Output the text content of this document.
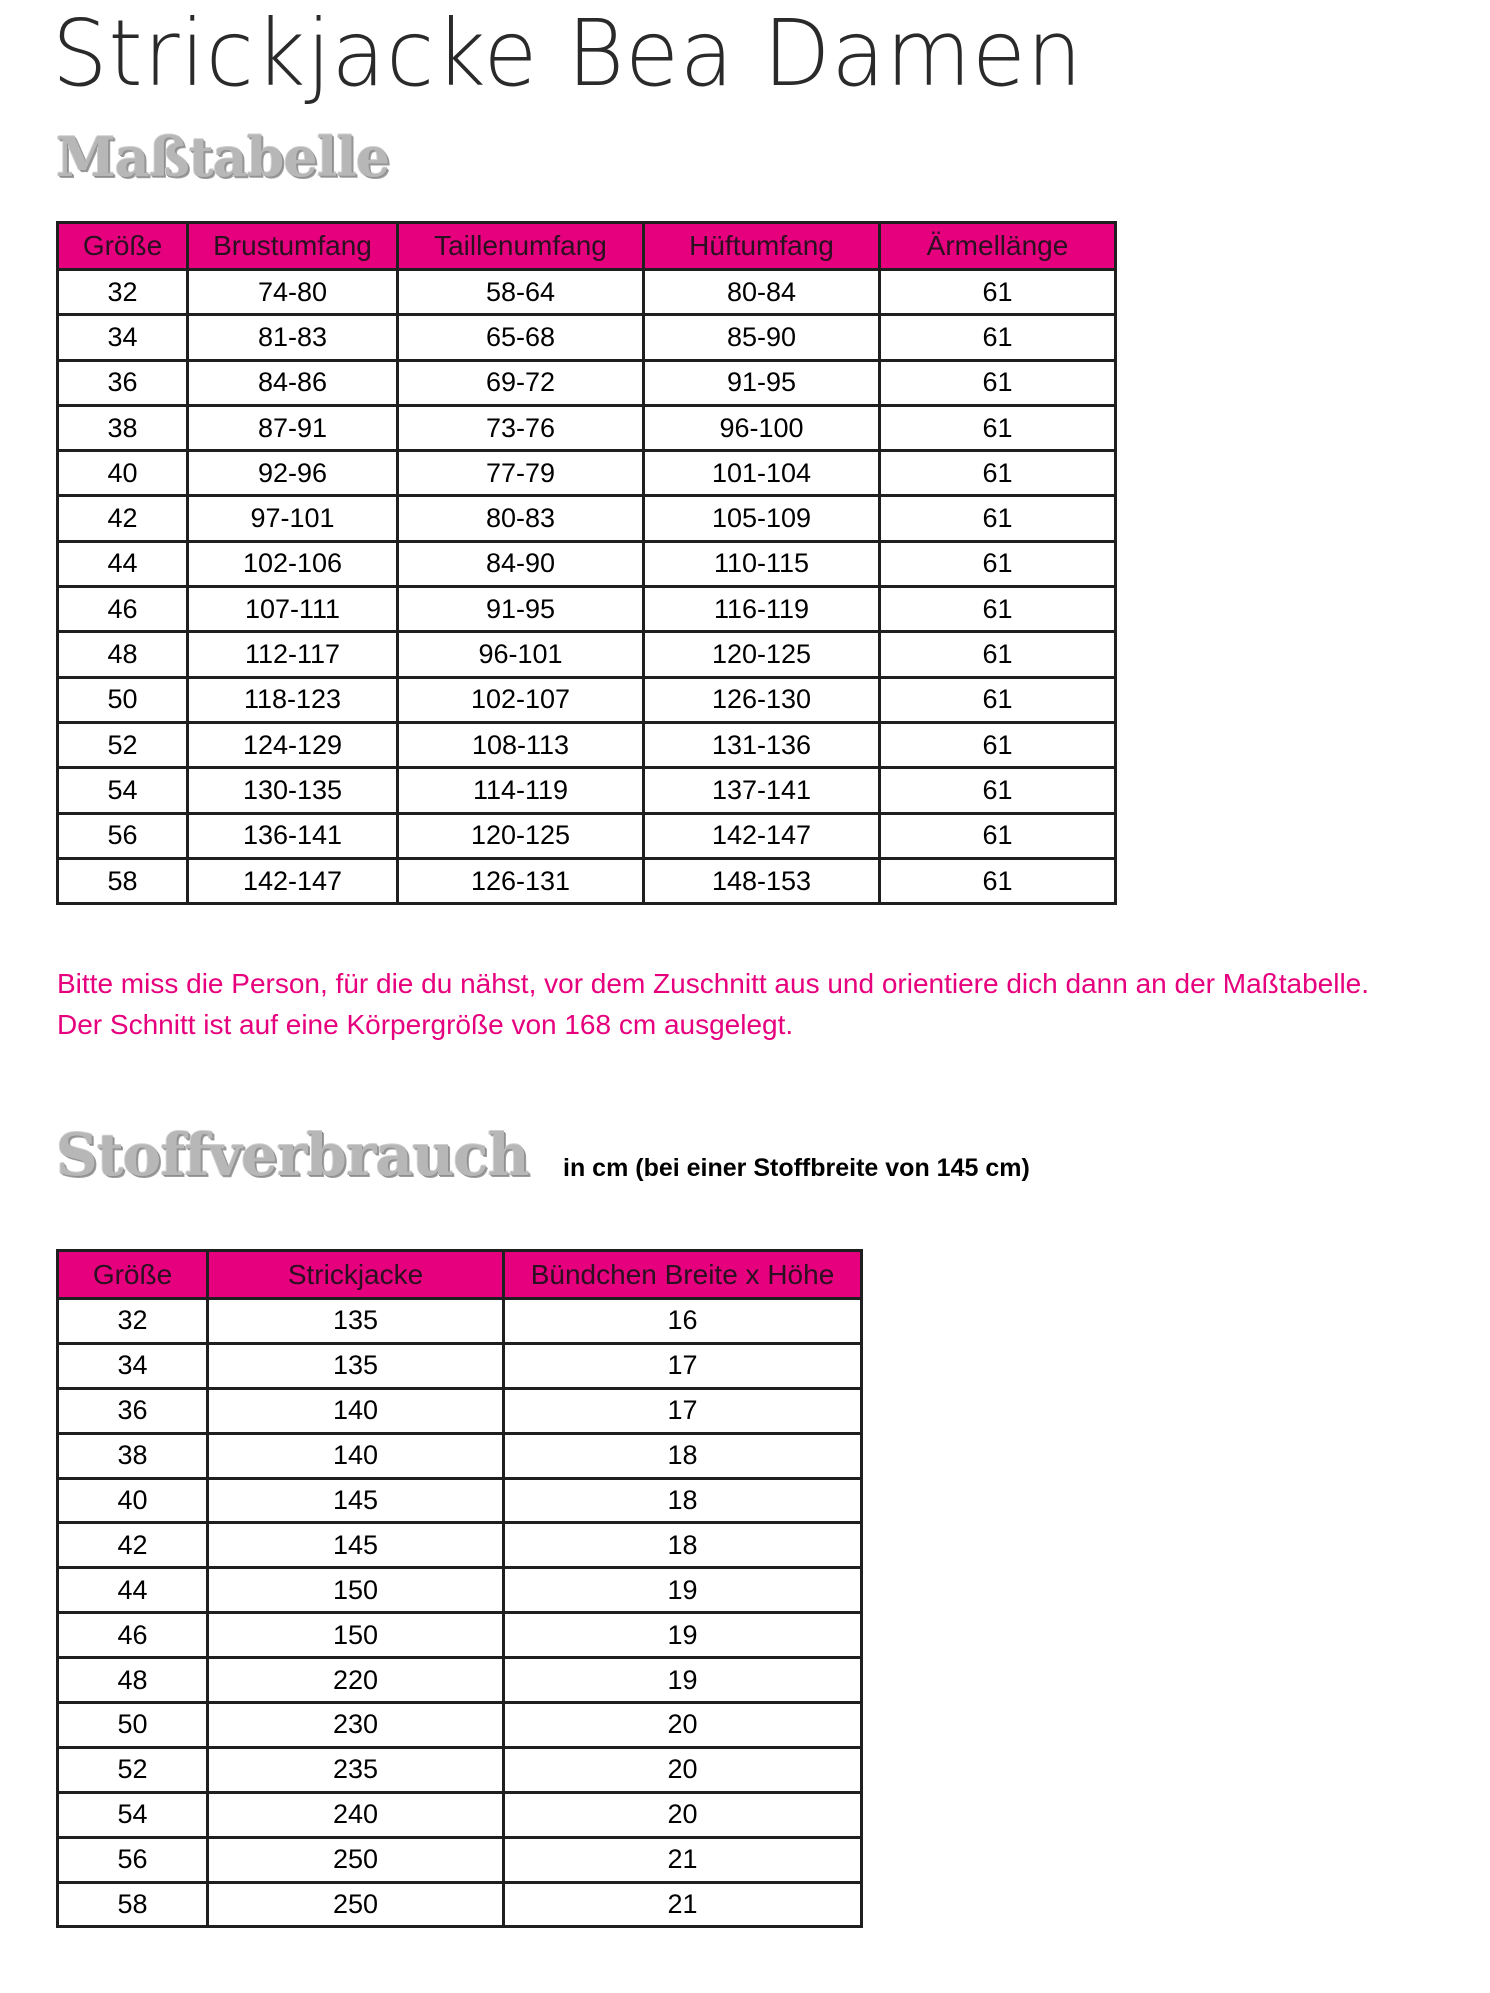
Strickjacke Bea Damen
Maßtabelle
Größe	Brustumfang	Taillenumfang	Hüftumfang	Ärmellänge
32	74-80	58-64	80-84	61
34	81-83	65-68	85-90	61
36	84-86	69-72	91-95	61
38	87-91	73-76	96-100	61
40	92-96	77-79	101-104	61
42	97-101	80-83	105-109	61
44	102-106	84-90	110-115	61
46	107-111	91-95	116-119	61
48	112-117	96-101	120-125	61
50	118-123	102-107	126-130	61
52	124-129	108-113	131-136	61
54	130-135	114-119	137-141	61
56	136-141	120-125	142-147	61
58	142-147	126-131	148-153	61

Bitte miss die Person, für die du nähst, vor dem Zuschnitt aus und orientiere dich dann an der Maßtabelle.
Der Schnitt ist auf eine Körpergröße von 168 cm ausgelegt.

Stoffverbrauch in cm (bei einer Stoffbreite von 145 cm)
Größe	Strickjacke	Bündchen Breite x Höhe
32	135	16
34	135	17
36	140	17
38	140	18
40	145	18
42	145	18
44	150	19
46	150	19
48	220	19
50	230	20
52	235	20
54	240	20
56	250	21
58	250	21
